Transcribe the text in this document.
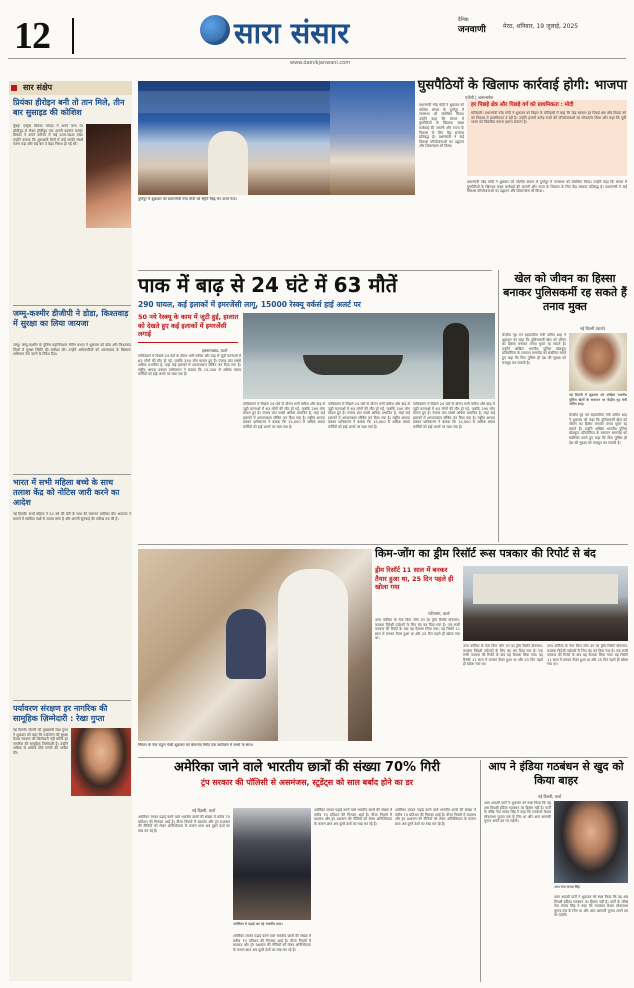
12	सारा संसार	दैनिक
जनवाणी	मेरठ, शनिवार, 19 जुलाई, 2025
www.dainikjanwani.com
सार संक्षेप
प्रियंका हीरोइन बनी तो तान मिले, तीन बार सुसाइड की कोशिश
मुंबई। एक्ट्रेस प्रियंका चोपड़ा ने अपने जन्म पर बॉलीवुड से लेकर हॉलीवुड तक अपनी पहचान बनाई। प्रियंका ने अपने करियर में कई उतार-चढ़ाव देखे। उन्होंने बताया कि शुरुआती दिनों में उन्हें काफी संघर्ष करना पड़ा और कई बार वे बेहद निराश हो गई थीं।
जम्मू-कश्मीर डीजीपी ने डोडा, किश्तवाड़ में सुरक्षा का लिया जायजा
जम्मू। जम्मू-कश्मीर के पुलिस महानिदेशक नलिन प्रभात ने शुक्रवार को डोडा और किश्तवाड़ जिलों में सुरक्षा स्थिति की समीक्षा की। उन्होंने अधिकारियों को आतंकवाद के खिलाफ अभियान तेज करने के निर्देश दिए।
भारत में सभी महिला बच्चे के साथ तलाश केंद्र को नोटिस जारी करने का आदेश
नई दिल्ली। सभी महिला ने 22 वर्ष की बेटी के साथ की जमानत याचिका की। अदालत ने मामले में संबंधित पक्षों से जवाब मांगा है और अगली सुनवाई की तारीख तय की है।
पर्यावरण संरक्षण हर नागरिक की सामूहिक ज़िम्मेदारी : रेखा गुप्ता
नई दिल्ली। दिल्ली की मुख्यमंत्री रेखा गुप्ता ने शुक्रवार को कहा कि पर्यावरण की सुरक्षा केवल सरकार की जिम्मेदारी नहीं बल्कि हर नागरिक की सामूहिक जिम्मेदारी है। उन्होंने अधिक से अधिक पौधे लगाने की अपील की।
दुर्गापुर में शुक्रवार को प्रधानमंत्री नरेंद्र मोदी को स्मृति चिह्न भेंट करते नेता।
एजेंसी | आसनसोल
घुसपैठियों के खिलाफ कार्रवाई होगी: भाजपा
प्रधानमंत्री नरेंद्र मोदी ने शुक्रवार को पश्चिम बंगाल के दुर्गापुर में जनसभा को संबोधित किया। उन्होंने कहा कि बंगाल में घुसपैठियों के खिलाफ सख्त कार्रवाई की जाएगी और राज्य के विकास के लिए केंद्र सरकार प्रतिबद्ध है। प्रधानमंत्री ने कई विकास परियोजनाओं का उद्घाटन और शिलान्यास भी किया।
हर पिछड़े क्षेत्र और पिछड़े वर्ग को प्राथमिकता : मोदी
मोतिहारी। प्रधानमंत्री नरेंद्र मोदी ने शुक्रवार को बिहार के मोतिहारी में कहा कि केंद्र सरकार हर पिछड़े क्षेत्र और पिछड़े वर्ग को विकास में प्राथमिकता दे रही है। उन्होंने हजारों करोड़ रुपये की परियोजनाओं का लोकार्पण किया और कहा कि पूर्वी भारत को विकसित बनाना हमारा संकल्प है।
प्रधानमंत्री नरेंद्र मोदी ने शुक्रवार को पश्चिम बंगाल के दुर्गापुर में जनसभा को संबोधित किया। उन्होंने कहा कि बंगाल में घुसपैठियों के खिलाफ सख्त कार्रवाई की जाएगी और राज्य के विकास के लिए केंद्र सरकार प्रतिबद्ध है। प्रधानमंत्री ने कई विकास परियोजनाओं का उद्घाटन और शिलान्यास भी किया।
पाक में बाढ़ से 24 घंटे में 63 मौतें
290 घायल, कई इलाकों में इमरजेंसी लागू, 15000 रेस्क्यू वर्कर्स हाई अलर्ट पर
50 नये रेस्क्यू के काम में जुटी हुई, हालात को देखते हुए कई इलाकों में इमरजेंसी लगाई
इस्लामाबाद, वार्ता
पाकिस्तान में पिछले 24 घंटों के दौरान भारी बारिश और बाढ़ से जुड़ी घटनाओं में 63 लोगों की मौत हो गई, जबकि 290 लोग घायल हुए हैं। पंजाब प्रांत सबसे अधिक प्रभावित है, जहां कई इलाकों में आपातकाल घोषित कर दिया गया है। राष्ट्रीय आपदा प्रबंधन प्राधिकरण ने बताया कि 15,000 से अधिक बचाव कर्मियों को हाई अलर्ट पर रखा गया है।
पाकिस्तान में पिछले 24 घंटों के दौरान भारी बारिश और बाढ़ से जुड़ी घटनाओं में 63 लोगों की मौत हो गई, जबकि 290 लोग घायल हुए हैं। पंजाब प्रांत सबसे अधिक प्रभावित है, जहां कई इलाकों में आपातकाल घोषित कर दिया गया है। राष्ट्रीय आपदा प्रबंधन प्राधिकरण ने बताया कि 15,000 से अधिक बचाव कर्मियों को हाई अलर्ट पर रखा गया है।
पाकिस्तान में पिछले 24 घंटों के दौरान भारी बारिश और बाढ़ से जुड़ी घटनाओं में 63 लोगों की मौत हो गई, जबकि 290 लोग घायल हुए हैं। पंजाब प्रांत सबसे अधिक प्रभावित है, जहां कई इलाकों में आपातकाल घोषित कर दिया गया है। राष्ट्रीय आपदा प्रबंधन प्राधिकरण ने बताया कि 15,000 से अधिक बचाव कर्मियों को हाई अलर्ट पर रखा गया है।
पाकिस्तान में पिछले 24 घंटों के दौरान भारी बारिश और बाढ़ से जुड़ी घटनाओं में 63 लोगों की मौत हो गई, जबकि 290 लोग घायल हुए हैं। पंजाब प्रांत सबसे अधिक प्रभावित है, जहां कई इलाकों में आपातकाल घोषित कर दिया गया है। राष्ट्रीय आपदा प्रबंधन प्राधिकरण ने बताया कि 15,000 से अधिक बचाव कर्मियों को हाई अलर्ट पर रखा गया है।
खेल को जीवन का हिस्सा बनाकर पुलिसकर्मी रह सकते हैं तनाव मुक्त
नई दिल्ली (वार्ता)
केन्द्रीय गृह एवं सहकारिता मंत्री अमित शाह ने शुक्रवार को कहा कि पुलिसकर्मी खेल को जीवन का हिस्सा बनाकर तनाव मुक्त रह सकते हैं। उन्होंने अखिल भारतीय पुलिस खेलकूद प्रतियोगिता के समापन समारोह को संबोधित करते हुए कहा कि फिट पुलिस ही देश की सुरक्षा को मजबूत कर सकती है।
नई दिल्ली में शुक्रवार को अखिल भारतीय पुलिस खेलों के समापन पर केंद्रीय गृह मंत्री अमित शाह।
केन्द्रीय गृह एवं सहकारिता मंत्री अमित शाह ने शुक्रवार को कहा कि पुलिसकर्मी खेल को जीवन का हिस्सा बनाकर तनाव मुक्त रह सकते हैं। उन्होंने अखिल भारतीय पुलिस खेलकूद प्रतियोगिता के समापन समारोह को संबोधित करते हुए कहा कि फिट पुलिस ही देश की सुरक्षा को मजबूत कर सकती है।
सिवान के नेता राहुल गांधी शुक्रवार को बोधगया स्थित एक कार्यक्रम में बच्चों के साथ।
किम-जोंग का ड्रीम रिसॉर्ट रूस पत्रकार की रिपोर्ट से बंद
ड्रीम रिसॉर्ट 11 साल में बनकर तैयार हुआ था, 25 दिन पहले ही खोला गया
प्योंगयांग, वार्ता
उत्तर कोरिया के नेता किम जोंग उन का ड्रीम रिसॉर्ट वोनसान-कालमा विदेशी पर्यटकों के लिए बंद कर दिया गया है। एक रूसी पत्रकार की रिपोर्ट के बाद यह फैसला लिया गया। यह रिसॉर्ट 11 साल में बनकर तैयार हुआ था और 25 दिन पहले ही खोला गया था।
उत्तर कोरिया के नेता किम जोंग उन का ड्रीम रिसॉर्ट वोनसान-कालमा विदेशी पर्यटकों के लिए बंद कर दिया गया है। एक रूसी पत्रकार की रिपोर्ट के बाद यह फैसला लिया गया। यह रिसॉर्ट 11 साल में बनकर तैयार हुआ था और 25 दिन पहले ही खोला गया था।
उत्तर कोरिया के नेता किम जोंग उन का ड्रीम रिसॉर्ट वोनसान-कालमा विदेशी पर्यटकों के लिए बंद कर दिया गया है। एक रूसी पत्रकार की रिपोर्ट के बाद यह फैसला लिया गया। यह रिसॉर्ट 11 साल में बनकर तैयार हुआ था और 25 दिन पहले ही खोला गया था।
अमेरिका जाने वाले भारतीय छात्रों की संख्या 70% गिरी
ट्रंप सरकार की पॉलिसी से असमंजस, स्टूडेंट्स को साल बर्बाद होने का डर
नई दिल्ली, वार्ता
अमेरिका जाकर पढ़ाई करने वाले भारतीय छात्रों की संख्या में करीब 70 प्रतिशत की गिरावट आई है। वीजा नियमों में बदलाव और ट्रंप प्रशासन की नीतियों को लेकर अनिश्चितता के कारण छात्र अब दूसरे देशों का रुख कर रहे हैं।
अमेरिका में पढ़ाई कर रहे भारतीय छात्र।
अमेरिका जाकर पढ़ाई करने वाले भारतीय छात्रों की संख्या में करीब 70 प्रतिशत की गिरावट आई है। वीजा नियमों में बदलाव और ट्रंप प्रशासन की नीतियों को लेकर अनिश्चितता के कारण छात्र अब दूसरे देशों का रुख कर रहे हैं।
अमेरिका जाकर पढ़ाई करने वाले भारतीय छात्रों की संख्या में करीब 70 प्रतिशत की गिरावट आई है। वीजा नियमों में बदलाव और ट्रंप प्रशासन की नीतियों को लेकर अनिश्चितता के कारण छात्र अब दूसरे देशों का रुख कर रहे हैं।
अमेरिका जाकर पढ़ाई करने वाले भारतीय छात्रों की संख्या में करीब 70 प्रतिशत की गिरावट आई है। वीजा नियमों में बदलाव और ट्रंप प्रशासन की नीतियों को लेकर अनिश्चितता के कारण छात्र अब दूसरे देशों का रुख कर रहे हैं।
आप ने इंडिया गठबंधन से खुद को किया बाहर
नई दिल्ली, वार्ता
आम आदमी पार्टी ने शुक्रवार को स्पष्ट किया कि वह अब विपक्षी इंडिया गठबंधन का हिस्सा नहीं है। पार्टी के वरिष्ठ नेता संजय सिंह ने कहा कि गठबंधन केवल लोकसभा चुनाव तक के लिए था और आप आगामी चुनाव अपने दम पर लड़ेगी।
आप नेता संजय सिंह
आम आदमी पार्टी ने शुक्रवार को स्पष्ट किया कि वह अब विपक्षी इंडिया गठबंधन का हिस्सा नहीं है। पार्टी के वरिष्ठ नेता संजय सिंह ने कहा कि गठबंधन केवल लोकसभा चुनाव तक के लिए था और आप आगामी चुनाव अपने दम पर लड़ेगी।
